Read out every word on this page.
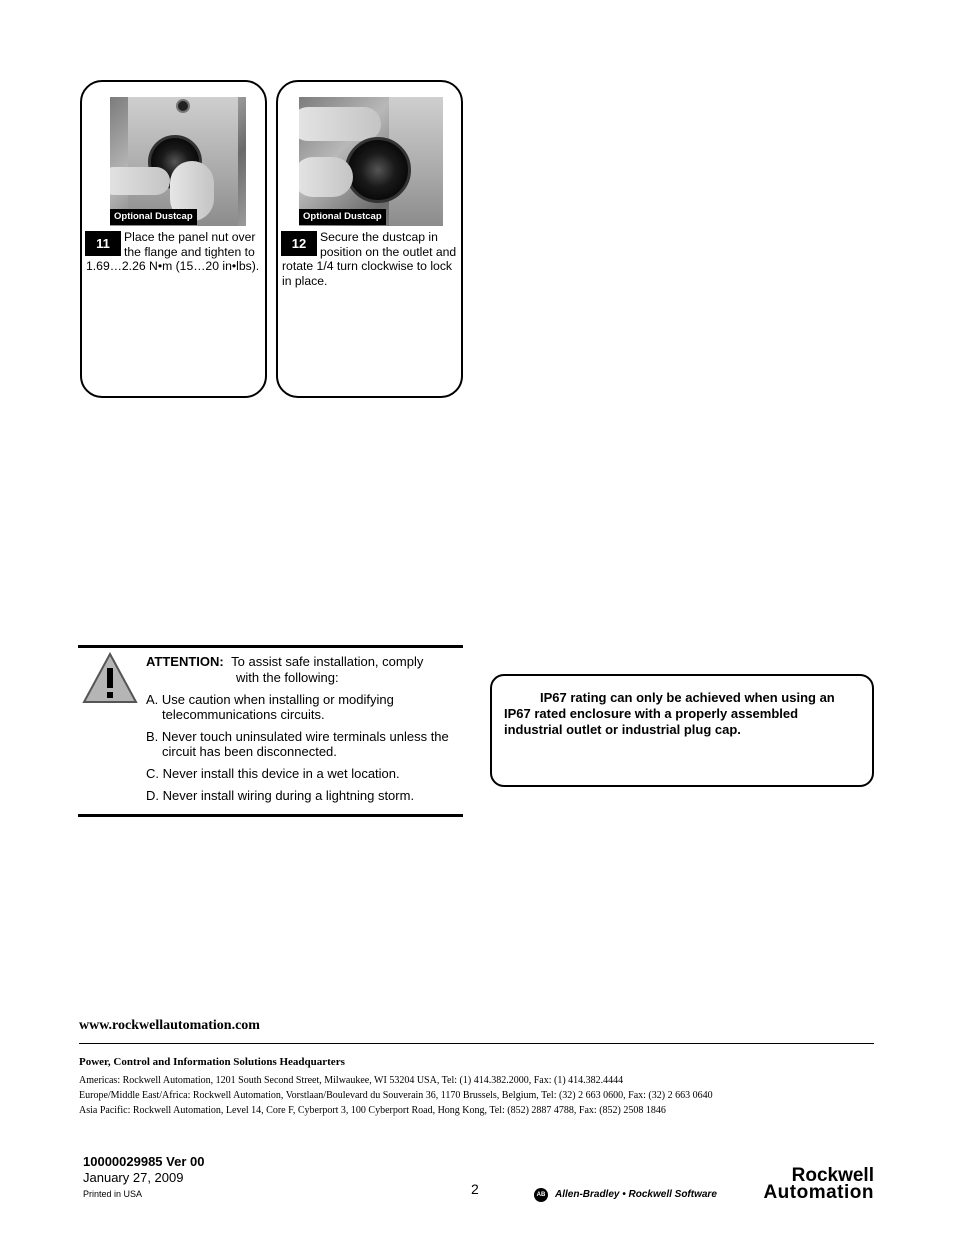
Optional Dustcap
11	Place the panel nut over the flange and tighten to 1.69…2.26 N•m (15…20 in•lbs).
Optional Dustcap
12	Secure the dustcap in position on the outlet and rotate 1/4 turn clockwise to lock in place.
ATTENTION: To assist safe installation, comply
with the following:
A. Use caution when installing or modifying telecommunications circuits.
B. Never touch uninsulated wire terminals unless the circuit has been disconnected.
C. Never install this device in a wet location.
D. Never install wiring during a lightning storm.
IP67 rating can only be achieved when using an IP67 rated enclosure with a properly assembled industrial outlet or industrial plug cap.
www.rockwellautomation.com
Power, Control and Information Solutions Headquarters
Americas: Rockwell Automation, 1201 South Second Street, Milwaukee, WI 53204 USA, Tel: (1) 414.382.2000, Fax: (1) 414.382.4444
Europe/Middle East/Africa: Rockwell Automation, Vorstlaan/Boulevard du Souverain 36, 1170 Brussels, Belgium, Tel: (32) 2 663 0600, Fax: (32) 2 663 0640
Asia Pacific: Rockwell Automation, Level 14, Core F, Cyberport 3, 100 Cyberport Road, Hong Kong, Tel: (852) 2887 4788, Fax: (852) 2508 1846
10000029985 Ver 00
January 27, 2009
Printed in USA	2	AB Allen-Bradley • Rockwell Software
Rockwell
Automation
